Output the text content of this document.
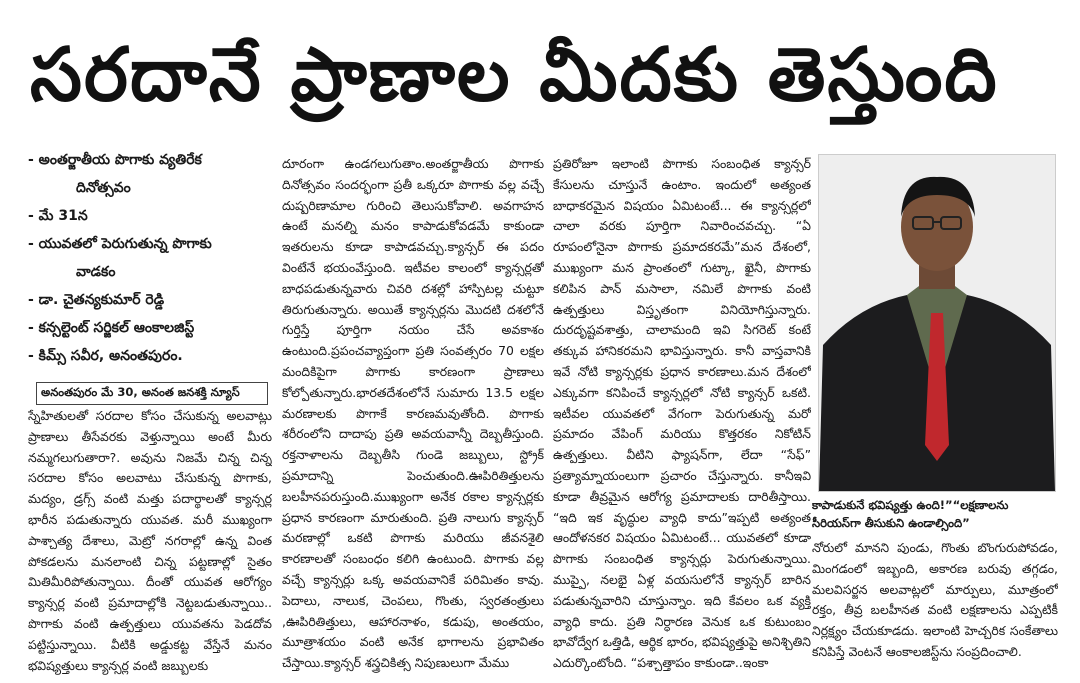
సరదానే ప్రాణాల మీదకు తెస్తుంది
- అంతర్జాతీయ పొగాకు వ్యతిరేక
దినోత్సవం
- మే 31న
- యువతలో పెరుగుతున్న పొగాకు
వాడకం
- డా. చైతన్యకుమార్ రెడ్డి
- కన్సల్టెంట్ సర్జికల్ ఆంకాలజిస్ట్
- కిమ్స్ సవీర, అనంతపురం.
అనంతపురం మే 30, అనంత జనశక్తి న్యూస్

స్నేహితులతో సరదాల కోసం చేసుకున్న అలవాట్లు ప్రాణాలు తీసేవరకు వెళ్తున్నాయి అంటే మీరు నమ్మగలుగుతారా?. అవును నిజమే చిన్న చిన్న సరదాల కోసం అలవాటు చేసుకున్న పొగాకు, మద్యం, డ్రగ్స్ వంటి మత్తు పదార్థాలతో క్యాన్సర్ల భారీన పడుతున్నారు యువత. మరీ ముఖ్యంగా పాశ్చాత్య దేశాలు, మెట్రో నగరాల్లో ఉన్న వింత పోకడలను మనలాంటి చిన్న పట్టణాల్లో సైతం మితిమీరిపోతున్నాయి. దీంతో యువత ఆరోగ్యం క్యాన్సర్ల వంటి ప్రమాదాల్లోకి నెట్టబడుతున్నాయి.. పొగాకు వంటి ఉత్పత్తులు యువతను పెడదోవ పట్టిస్తున్నాయి. వీటికి అడ్డుకట్ట వేస్తేనే మనం భవిష్యత్తులు క్యాన్సర్ల వంటి జబ్బులకు

దూరంగా ఉండగలుగుతాం.అంతర్జాతీయ పొగాకు దినోత్సవం సందర్భంగా ప్రతీ ఒక్కరూ పొగాకు వల్ల వచ్చే దుష్పరిణామాల గురించి తెలుసుకోవాలి. అవగాహన ఉంటే మనల్ని మనం కాపాడుకోవడమే కాకుండా ఇతరులను కూడా కాపాడవచ్చు.క్యాన్సర్ ఈ పదం వింటేనే భయంవేస్తుంది. ఇటీవల కాలంలో క్యాన్సర్లతో బాధపడుతున్నవారు చివరి దశల్లో హాస్పిటల్ల చుట్టూ తిరుగుతున్నారు. అయితే క్యాన్సర్లను మొదటి దశలోనే గుర్తిస్తే పూర్తిగా నయం చేసే అవకాశం ఉంటుంది.ప్రపంచవ్యాప్తంగా ప్రతి సంవత్సరం 70 లక్షల మందికిపైగా పొగాకు కారణంగా ప్రాణాలు కోల్పోతున్నారు.భారతదేశంలోనే సుమారు 13.5 లక్షల మరణాలకు పొగాకే కారణమవుతోంది. పొగాకు శరీరంలోని దాదాపు ప్రతి అవయవాన్నీ దెబ్బతీస్తుంది. రక్తనాళాలను దెబ్బతీసి గుండె జబ్బులు, స్ట్రోక్ ప్రమాదాన్ని పెంచుతుంది.ఊపిరితిత్తులను బలహీనపరుస్తుంది.ముఖ్యంగా అనేక రకాల క్యాన్సర్లకు ప్రధాన కారణంగా మారుతుంది. ప్రతి నాలుగు క్యాన్సర్ మరణాల్లో ఒకటి పొగాకు మరియు జీవనశైలి కారణాలతో సంబంధం కలిగి ఉంటుంది. పొగాకు వల్ల వచ్చే క్యాన్సర్లు ఒక్క అవయవానికే పరిమితం కావు. పెదాలు, నాలుక, చెంపలు, గొంతు, స్వరతంత్రులు ,ఊపిరితిత్తులు, ఆహారనాళం, కడుపు, అంతయం, మూత్రాశయం వంటి అనేక భాగాలను ప్రభావితం చేస్తాయి.క్యాన్సర్ శస్త్రచికిత్స నిపుణులుగా మేము

ప్రతిరోజూ ఇలాంటి పొగాకు సంబంధిత క్యాన్సర్ కేసులను చూస్తునే ఉంటాం. ఇందులో అత్యంత బాధాకరమైన విషయం ఏమిటంటే... ఈ క్యాన్సర్లలో చాలా వరకు పూర్తిగా నివారించవచ్చు. “ఏ రూపంలోనైనా పొగాకు ప్రమాదకరమే”మన దేశంలో, ముఖ్యంగా మన ప్రాంతంలో గుట్కా, ఖైనీ, పొగాకు కలిపిన పాన్ మసాలా, నమిలే పొగాకు వంటి ఉత్పత్తులు విస్తృతంగా వినియోగిస్తున్నారు. దురదృష్టవశాత్తు, చాలామంది ఇవి సిగరెట్ కంటే తక్కువ హానికరమని భావిస్తున్నారు. కానీ వాస్తవానికి ఇవే నోటి క్యాన్సర్లకు ప్రధాన కారణాలు.మన దేశంలో ఎక్కువగా కనిపించే క్యాన్సర్లలో నోటి క్యాన్సర్ ఒకటి. ఇటీవల యువతలో వేగంగా పెరుగుతున్న మరో ప్రమాదం వేపింగ్ మరియు కొత్తరకం నికోటిన్ ఉత్పత్తులు. వీటిని ఫ్యాషన్‌గా, లేదా “సేఫ్” ప్రత్యామ్నాయంలుగా ప్రచారం చేస్తున్నారు. కానీఇవి కూడా తీవ్రమైన ఆరోగ్య ప్రమాదాలకు దారితీస్తాయి. “ఇది ఇక వృద్ధుల వ్యాధి కాదు”ఇప్పటి అత్యంత ఆందోళనకర విషయం ఏమిటంటే... యువతలో కూడా పొగాకు సంబంధిత క్యాన్సర్లు పెరుగుతున్నాయి. ముప్పై, నలభై ఏళ్ల వయసులోనే క్యాన్సర్ బారిన పడుతున్నవారిని చూస్తున్నాం. ఇది కేవలం ఒక వ్యక్తి వ్యాధి కాదు. ప్రతి నిర్ధారణ వెనుక ఒక కుటుంబం భావోద్వేగ ఒత్తిడి, ఆర్థిక భారం, భవిష్యత్తుపై అనిశ్చితిని ఎదుర్కొంటోంది. “పశ్చాత్తాపం కాకుండా..ఇంకా

కాపాడుకునే భవిష్యత్తు ఉంది!”“లక్షణాలను సీరియస్‌గా తీసుకుని ఉండాల్సింది”

నోరులో మానని పుండు, గొంతు బొంగురుపోవడం, మింగడంలో ఇబ్బంది, అకారణ బరువు తగ్గడం, మలవిసర్జన అలవాట్లలో మార్పులు, మూత్రంలో రక్తం, తీవ్ర బలహీనత వంటి లక్షణాలను ఎప్పటికీ నిర్లక్ష్యం చేయకూడదు. ఇలాంటి హెచ్చరిక సంకేతాలు కనిపిస్తే వెంటనే ఆంకాలజిస్ట్‌ను సంప్రదించాలి.
